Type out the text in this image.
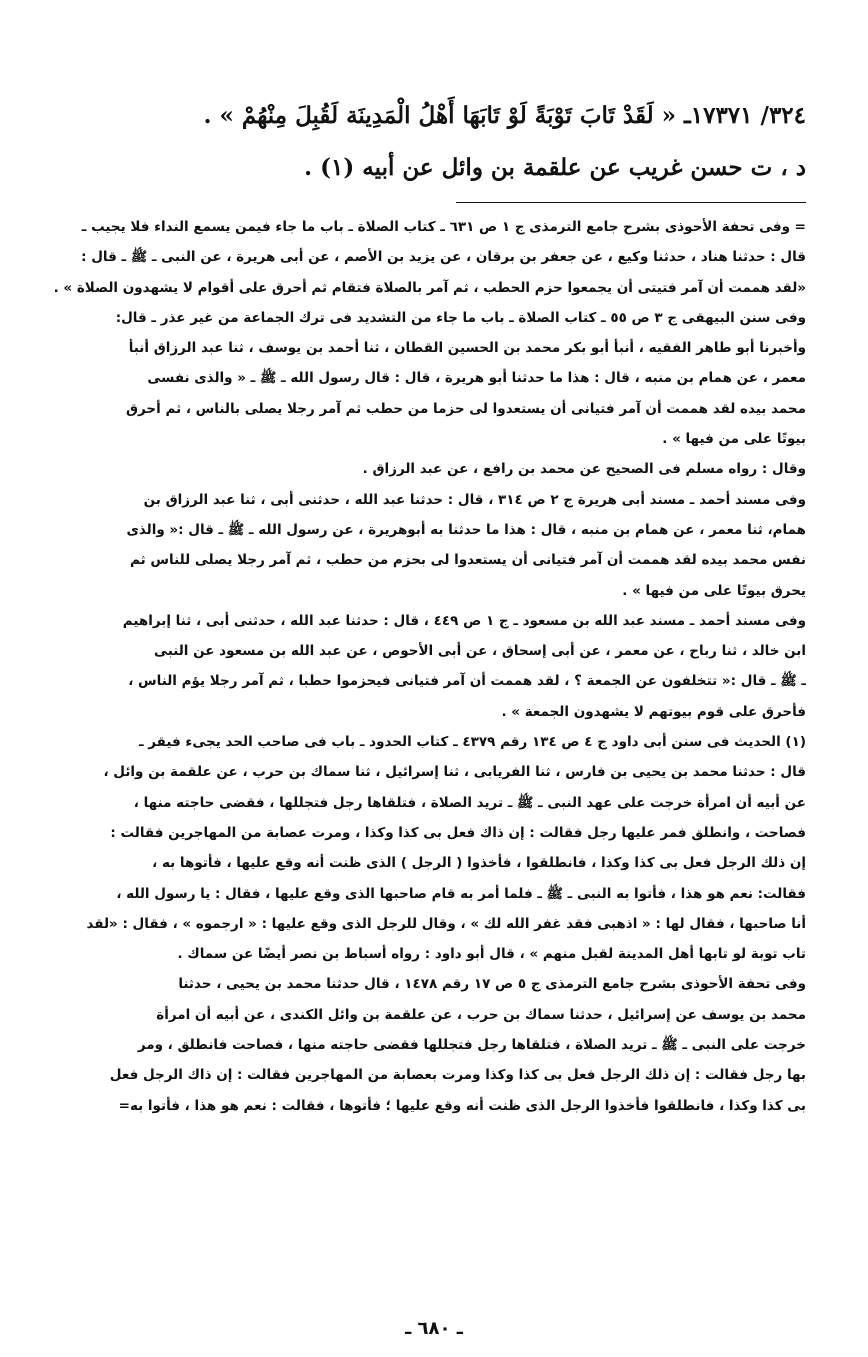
٣٢٤/ ١٧٣٧١ـ « لَقَدْ تَابَ تَوْبَةً لَوْ تَابَهَا أَهْلُ الْمَدِينَة لَقُبِلَ مِنْهُمْ » .
د ، ت حسن غريب عن علقمة بن وائل عن أبيه (١) .
= وفى تحفة الأحوذى بشرح جامع الترمذى ج ١ ص ٦٣١ ـ كتاب الصلاة ـ باب ما جاء فيمن يسمع النداء فلا يجيب ـ
قال : حدثنا هناد ، حدثنا وكيع ، عن جعفر بن برقان ، عن يزيد بن الأصم ، عن أبى هريرة ، عن النبى ـ ﷺ ـ قال :
«لقد هممت أن آمر فتيتى أن يجمعوا حزم الحطب ، ثم آمر بالصلاة فتقام ثم أحرق على أقوام لا يشهدون الصلاة » .
وفى سنن البيهقى ج ٣ ص ٥٥ ـ كتاب الصلاة ـ باب ما جاء من التشديد فى ترك الجماعة من غير عذر ـ قال:
وأخبرنا أبو طاهر الفقيه ، أنبأ أبو بكر محمد بن الحسين القطان ، ثنا أحمد بن يوسف ، ثنا عبد الرزاق أنبأ
معمر ، عن همام بن منبه ، قال : هذا ما حدثنا أبو هريرة ، قال : قال رسول الله ـ ﷺ ـ « والذى نفسى
محمد بيده لقد هممت أن آمر فتيانى أن يستعدوا لى حزما من حطب ثم آمر رجلا يصلى بالناس ، ثم أحرق
بيوتًا على من فيها » .
وقال : رواه مسلم فى الصحيح عن محمد بن رافع ، عن عبد الرزاق .
وفى مسند أحمد ـ مسند أبى هريرة ج ٢ ص ٣١٤ ، قال : حدثنا عبد الله ، حدثنى أبى ، ثنا عبد الرزاق بن
همام، ثنا معمر ، عن همام بن منبه ، قال : هذا ما حدثنا به أبوهريرة ، عن رسول الله ـ ﷺ ـ قال :« والذى
نفس محمد بيده لقد هممت أن آمر فتيانى أن يستعدوا لى بحزم من حطب ، ثم آمر رجلا يصلى للناس ثم
يحرق بيوتًا على من فيها » .
وفى مسند أحمد ـ مسند عبد الله بن مسعود ـ ج ١ ص ٤٤٩ ، قال : حدثنا عبد الله ، حدثنى أبى ، ثنا إبراهيم
ابن خالد ، ثنا رباح ، عن معمر ، عن أبى إسحاق ، عن أبى الأحوص ، عن عبد الله بن مسعود عن النبى
ـ ﷺ ـ قال :« تتخلفون عن الجمعة ؟ ، لقد هممت أن آمر فتيانى فيحزموا حطبا ، ثم آمر رجلا يؤم الناس ،
فأحرق على قوم بيوتهم لا يشهدون الجمعة » .
(١) الحديث فى سنن أبى داود ج ٤ ص ١٣٤ رقم ٤٣٧٩ ـ كتاب الحدود ـ باب فى صاحب الحد يجىء فيقر ـ
قال : حدثنا محمد بن يحيى بن فارس ، ثنا الفريابى ، ثنا إسرائيل ، ثنا سماك بن حرب ، عن علقمة بن وائل ،
عن أبيه أن امرأة خرجت على عهد النبى ـ ﷺ ـ تريد الصلاة ، فتلقاها رجل فتجللها ، فقضى حاجته منها ،
فصاحت ، وانطلق فمر عليها رجل فقالت : إن ذاك فعل بى كذا وكذا ، ومرت عصابة من المهاجرين فقالت :
إن ذلك الرجل فعل بى كذا وكذا ، فانطلقوا ، فأخذوا ( الرجل ) الذى ظنت أنه وقع عليها ، فأتوها به ،
فقالت: نعم هو هذا ، فأتوا به النبى ـ ﷺ ـ فلما أمر به قام صاحبها الذى وقع عليها ، فقال : يا رسول الله ،
أنا صاحبها ، فقال لها : « اذهبى فقد غفر الله لك » ، وقال للرجل الذى وقع عليها : « ارجموه » ، فقال : «لقد
تاب توبة لو تابها أهل المدينة لقبل منهم » ، قال أبو داود : رواه أسباط بن نصر أيضًا عن سماك .
وفى تحفة الأحوذى بشرح جامع الترمذى ج ٥ ص ١٧ رقم ١٤٧٨ ، قال حدثنا محمد بن يحيى ، حدثنا
محمد بن يوسف عن إسرائيل ، حدثنا سماك بن حرب ، عن علقمة بن وائل الكندى ، عن أبيه أن امرأة
خرجت على النبى ـ ﷺ ـ تريد الصلاة ، فتلقاها رجل فتجللها فقضى حاجته منها ، فصاحت فانطلق ، ومر
بها رجل فقالت : إن ذلك الرجل فعل بى كذا وكذا ومرت بعصابة من المهاجرين فقالت : إن ذاك الرجل فعل
بى كذا وكذا ، فانطلقوا فأخذوا الرجل الذى ظنت أنه وقع عليها ؛ فأتوها ، فقالت : نعم هو هذا ، فأتوا به=
ـ ٦٨٠ ـ
